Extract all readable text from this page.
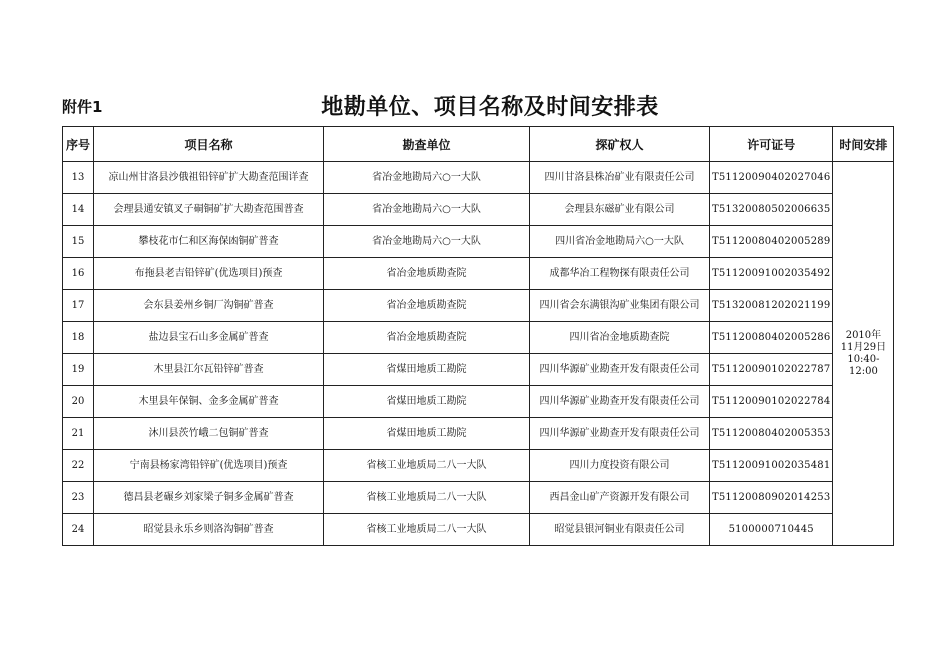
附件1	地勘单位、项目名称及时间安排表
序号	项目名称	勘查单位	探矿权人	许可证号	时间安排
13	凉山州甘洛县沙俄祖铅锌矿扩大勘查范围详查	省冶金地勘局六○一大队	四川甘洛县株冶矿业有限责任公司	T51120090402027046	2010年
11月29日
10:40-12:00

14	会理县通安镇叉子硐铜矿扩大勘查范围普查	省冶金地勘局六○一大队	会理县东磁矿业有限公司	T51320080502006635	
15	攀枝花市仁和区海保凼铜矿普查	省冶金地勘局六○一大队	四川省冶金地勘局六○一大队	T51120080402005289	
16	布拖县老吉铅锌矿(优选项目)预查	省冶金地质勘查院	成都华冶工程物探有限责任公司	T51120091002035492	
17	会东县姜州乡铜厂沟铜矿普查	省冶金地质勘查院	四川省会东满银沟矿业集团有限公司	T51320081202021199	
18	盐边县宝石山多金属矿普查	省冶金地质勘查院	四川省冶金地质勘查院	T51120080402005286	
19	木里县江尔瓦铅锌矿普查	省煤田地质工勘院	四川华源矿业勘查开发有限责任公司	T51120090102022787	
20	木里县年保铜、金多金属矿普查	省煤田地质工勘院	四川华源矿业勘查开发有限责任公司	T51120090102022784	
21	沐川县茨竹峨二包铜矿普查	省煤田地质工勘院	四川华源矿业勘查开发有限责任公司	T51120080402005353	
22	宁南县杨家湾铅锌矿(优选项目)预查	省核工业地质局二八一大队	四川力度投资有限公司	T51120091002035481	
23	德昌县老碾乡刘家梁子铜多金属矿普查	省核工业地质局二八一大队	西昌金山矿产资源开发有限公司	T51120080902014253	
24	昭觉县永乐乡则洛沟铜矿普查	省核工业地质局二八一大队	昭觉县银河铜业有限责任公司	5100000710445	
